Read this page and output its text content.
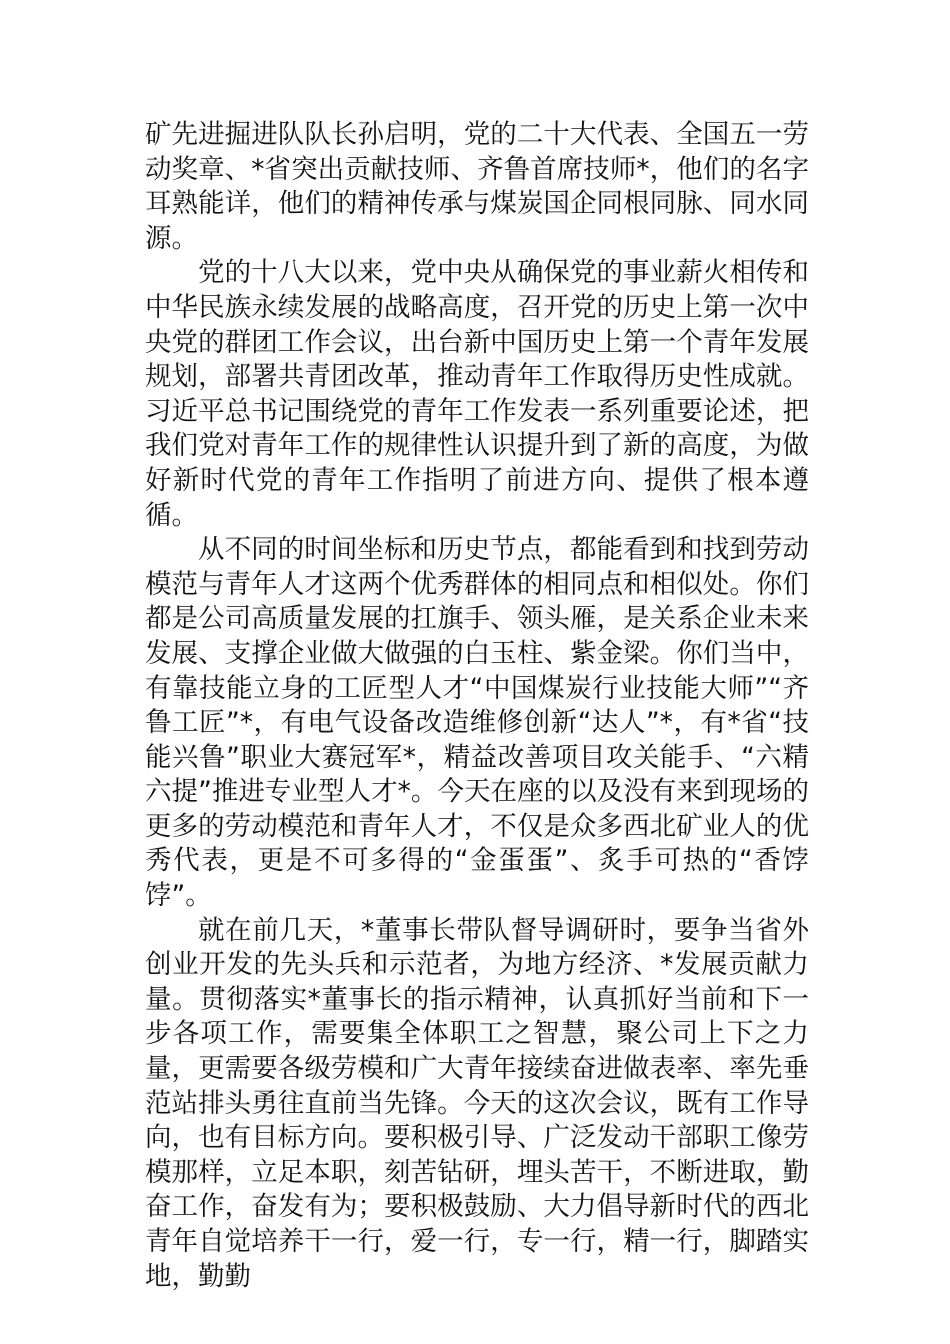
矿先进掘进队队长孙启明，党的二十大代表、全国五一劳动奖章、*省突出贡献技师、齐鲁首席技师*，他们的名字耳熟能详，他们的精神传承与煤炭国企同根同脉、同水同源。

党的十八大以来，党中央从确保党的事业薪火相传和中华民族永续发展的战略高度，召开党的历史上第一次中央党的群团工作会议，出台新中国历史上第一个青年发展规划，部署共青团改革，推动青年工作取得历史性成就。习近平总书记围绕党的青年工作发表一系列重要论述，把我们党对青年工作的规律性认识提升到了新的高度，为做好新时代党的青年工作指明了前进方向、提供了根本遵循。

从不同的时间坐标和历史节点，都能看到和找到劳动模范与青年人才这两个优秀群体的相同点和相似处。你们都是公司高质量发展的扛旗手、领头雁，是关系企业未来发展、支撑企业做大做强的白玉柱、紫金梁。你们当中，有靠技能立身的工匠型人才“中国煤炭行业技能大师”“齐鲁工匠”*，有电气设备改造维修创新“达人”*，有*省“技能兴鲁”职业大赛冠军*，精益改善项目攻关能手、“六精六提”推进专业型人才*。今天在座的以及没有来到现场的更多的劳动模范和青年人才，不仅是众多西北矿业人的优秀代表，更是不可多得的“金蛋蛋”、炙手可热的“香饽饽”。

就在前几天，*董事长带队督导调研时，要争当省外创业开发的先头兵和示范者，为地方经济、*发展贡献力量。贯彻落实*董事长的指示精神，认真抓好当前和下一步各项工作，需要集全体职工之智慧，聚公司上下之力量，更需要各级劳模和广大青年接续奋进做表率、率先垂范站排头勇往直前当先锋。今天的这次会议，既有工作导向，也有目标方向。要积极引导、广泛发动干部职工像劳模那样，立足本职，刻苦钻研，埋头苦干，不断进取，勤奋工作，奋发有为；要积极鼓励、大力倡导新时代的西北青年自觉培养干一行，爱一行，专一行，精一行，脚踏实地，勤勤
